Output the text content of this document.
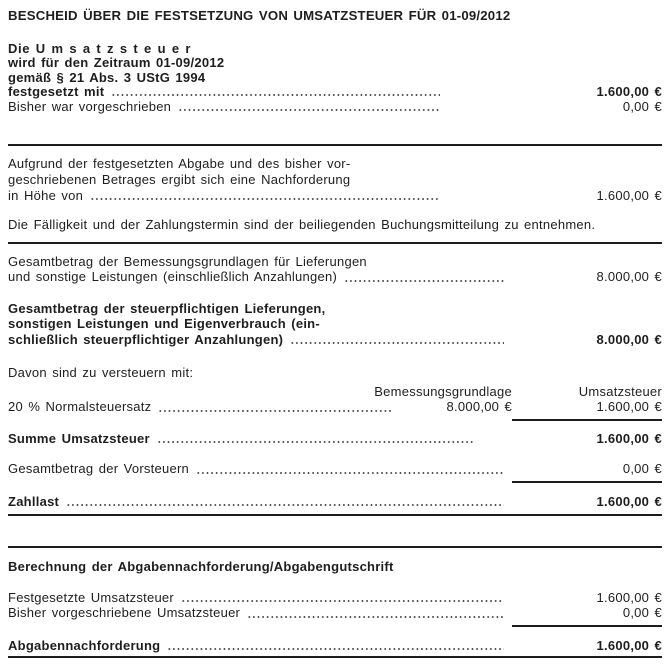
BESCHEID ÜBER DIE FESTSETZUNG VON UMSATZSTEUER FÜR 01-09/2012
Die U m s a t z s t e u e r
wird für den Zeitraum 01-09/2012
gemäß § 21 Abs. 3 UStG 1994
festgesetzt mit	1.600,00 €
Bisher war vorgeschrieben	0,00 €
Aufgrund der festgesetzten Abgabe und des bisher vor-
geschriebenen Betrages ergibt sich eine Nachforderung
in Höhe von	1.600,00 €
Die Fälligkeit und der Zahlungstermin sind der beiliegenden Buchungsmitteilung zu entnehmen.
Gesamtbetrag der Bemessungsgrundlagen für Lieferungen
und sonstige Leistungen (einschließlich Anzahlungen)	8.000,00 €
Gesamtbetrag der steuerpflichtigen Lieferungen,
sonstigen Leistungen und Eigenverbrauch (ein-
schließlich steuerpflichtiger Anzahlungen)	8.000,00 €
Davon sind zu versteuern mit:
Bemessungsgrundlage	Umsatzsteuer
20 % Normalsteuersatz	8.000,00 €	1.600,00 €
Summe Umsatzsteuer	1.600,00 €
Gesamtbetrag der Vorsteuern	0,00 €
Zahllast	1.600,00 €
Berechnung der Abgabennachforderung/Abgabengutschrift
Festgesetzte Umsatzsteuer	1.600,00 €
Bisher vorgeschriebene Umsatzsteuer	0,00 €
Abgabennachforderung	1.600,00 €
